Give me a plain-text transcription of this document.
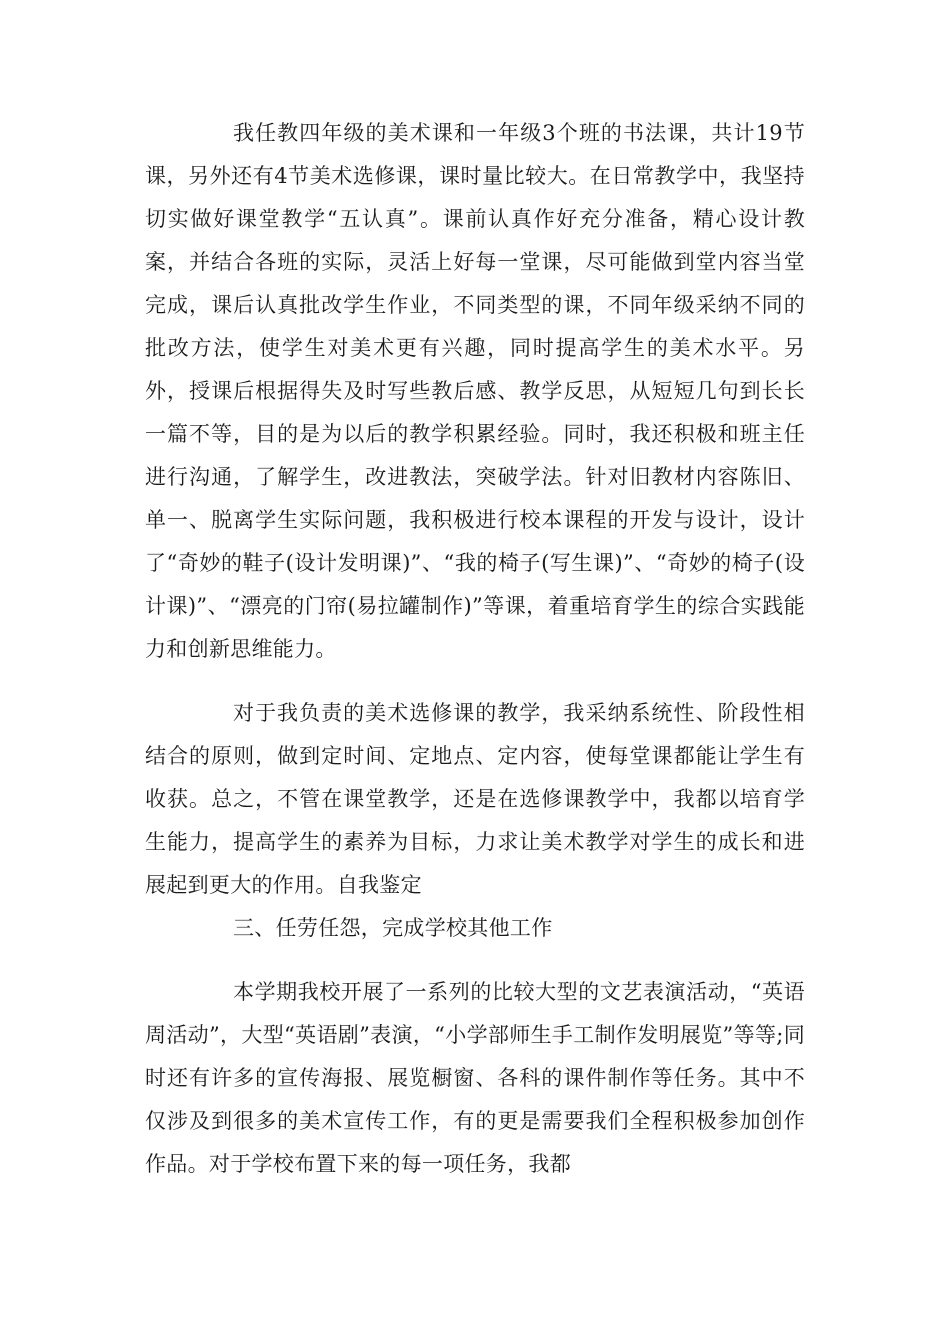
我任教四年级的美术课和一年级3个班的书法课，共计19节课，另外还有4节美术选修课，课时量比较大。在日常教学中，我坚持切实做好课堂教学“五认真”。课前认真作好充分准备，精心设计教案，并结合各班的实际，灵活上好每一堂课，尽可能做到堂内容当堂完成，课后认真批改学生作业，不同类型的课，不同年级采纳不同的批改方法，使学生对美术更有兴趣，同时提高学生的美术水平。另外，授课后根据得失及时写些教后感、教学反思，从短短几句到长长一篇不等，目的是为以后的教学积累经验。同时，我还积极和班主任进行沟通，了解学生，改进教法，突破学法。针对旧教材内容陈旧、单一、脱离学生实际问题，我积极进行校本课程的开发与设计，设计了“奇妙的鞋子(设计发明课)”、“我的椅子(写生课)”、“奇妙的椅子(设计课)”、“漂亮的门帘(易拉罐制作)”等课，着重培育学生的综合实践能力和创新思维能力。

对于我负责的美术选修课的教学，我采纳系统性、阶段性相结合的原则，做到定时间、定地点、定内容，使每堂课都能让学生有收获。总之，不管在课堂教学，还是在选修课教学中，我都以培育学生能力，提高学生的素养为目标，力求让美术教学对学生的成长和进展起到更大的作用。自我鉴定

三、任劳任怨，完成学校其他工作

本学期我校开展了一系列的比较大型的文艺表演活动，“英语周活动”，大型“英语剧”表演，“小学部师生手工制作发明展览”等等;同时还有许多的宣传海报、展览橱窗、各科的课件制作等任务。其中不仅涉及到很多的美术宣传工作，有的更是需要我们全程积极参加创作作品。对于学校布置下来的每一项任务，我都
